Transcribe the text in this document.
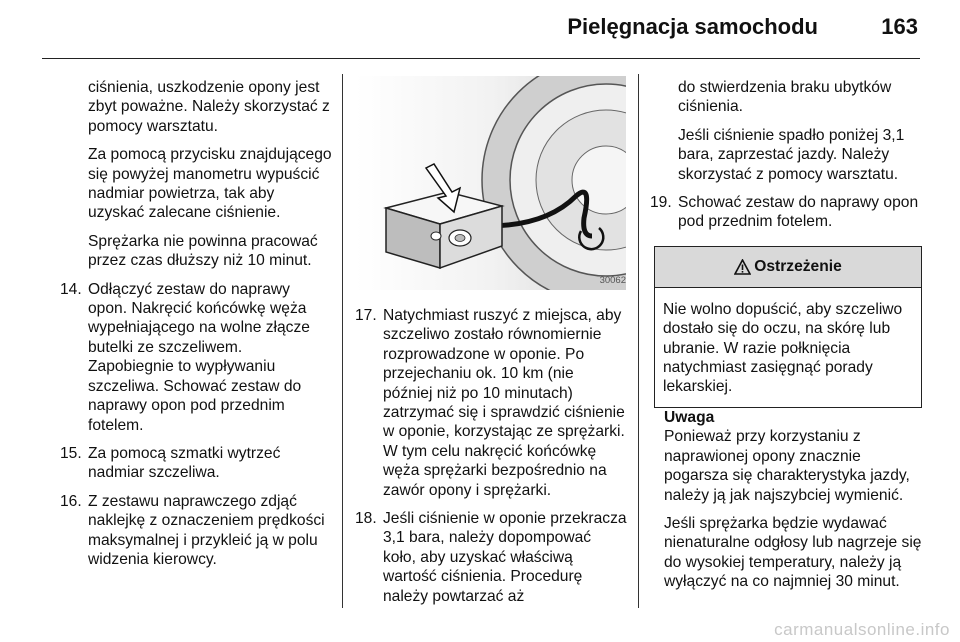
Pielęgnacja samochodu	163

ciśnienia, uszkodzenie opony jest zbyt poważne. Należy skorzystać z pomocy warsztatu.

Za pomocą przycisku znajdującego się powyżej manometru wypuścić nadmiar powietrza, tak aby uzyskać zalecane ciśnienie.

Sprężarka nie powinna pracować przez czas dłuższy niż 10 minut.

14. Odłączyć zestaw do naprawy opon. Nakręcić końcówkę węża wypełniającego na wolne złącze butelki ze szczeliwem. Zapobiegnie to wypływaniu szczeliwa. Schować zestaw do naprawy opon pod przednim fotelem.
15. Za pomocą szmatki wytrzeć nadmiar szczeliwa.
16. Z zestawu naprawczego zdjąć naklejkę z oznaczeniem prędkości maksymalnej i przykleić ją w polu widzenia kierowcy.
30062
17. Natychmiast ruszyć z miejsca, aby szczeliwo zostało równomiernie rozprowadzone w oponie. Po przejechaniu ok. 10 km (nie później niż po 10 minutach) zatrzymać się i sprawdzić ciśnienie w oponie, korzystając ze sprężarki. W tym celu nakręcić końcówkę węża sprężarki bezpośrednio na zawór opony i sprężarki.
18. Jeśli ciśnienie w oponie przekracza 3,1 bara, należy dopompować koło, aby uzyskać właściwą wartość ciśnienia. Procedurę należy powtarzać aż

do stwierdzenia braku ubytków ciśnienia.

Jeśli ciśnienie spadło poniżej 3,1 bara, zaprzestać jazdy. Należy skorzystać z pomocy warsztatu.

19. Schować zestaw do naprawy opon pod przednim fotelem.
Ostrzeżenie
Nie wolno dopuścić, aby szczeliwo dostało się do oczu, na skórę lub ubranie. W razie połknięcia natychmiast zasięgnąć porady lekarskiej.

Uwaga

Ponieważ przy korzystaniu z naprawionej opony znacznie pogarsza się charakterystyka jazdy, należy ją jak najszybciej wymienić.

Jeśli sprężarka będzie wydawać nienaturalne odgłosy lub nagrzeje się do wysokiej temperatury, należy ją wyłączyć na co najmniej 30 minut.

carmanualsonline.info
